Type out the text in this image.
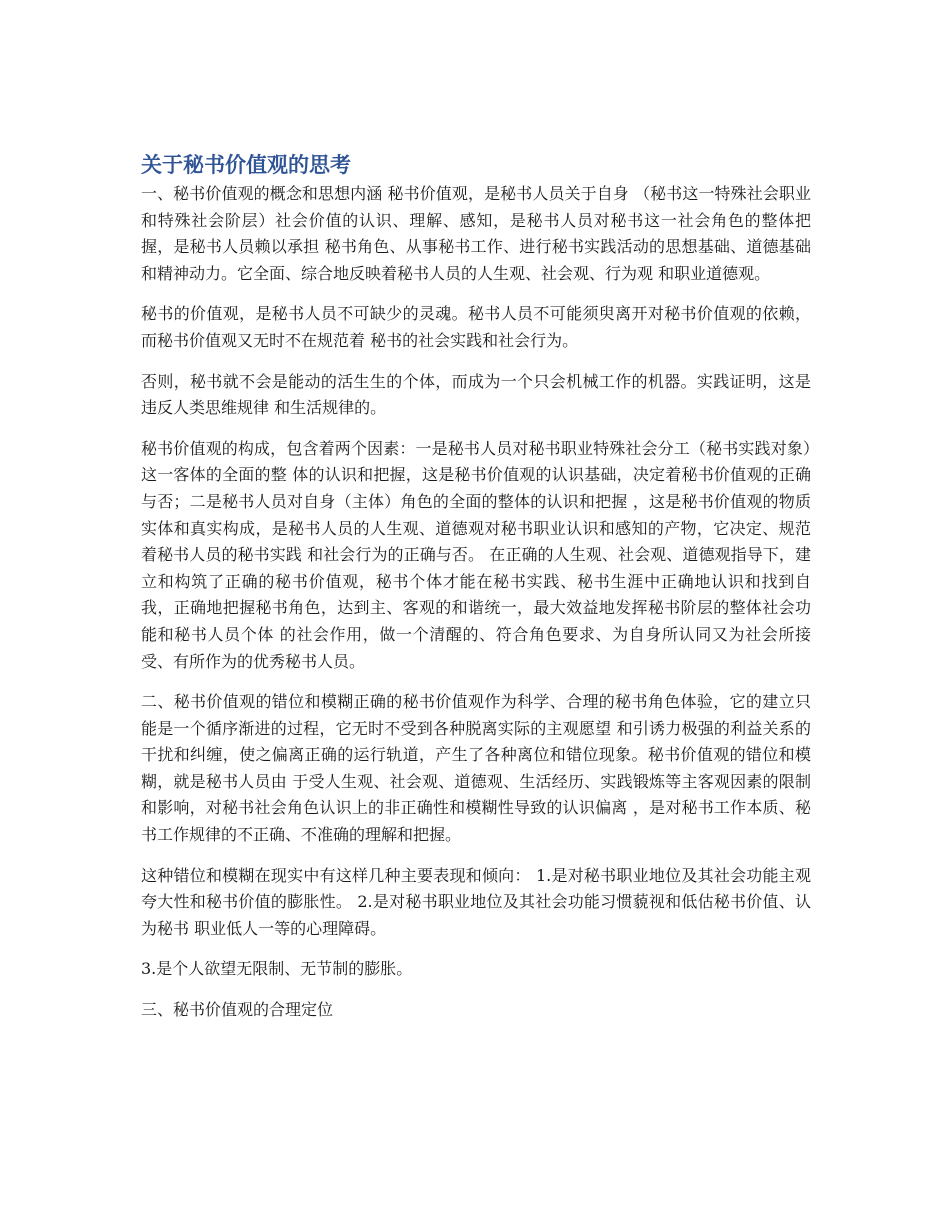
关于秘书价值观的思考

一、秘书价值观的概念和思想内涵 秘书价值观，是秘书人员关于自身 （秘书这一特殊社会职业和特殊社会阶层）社会价值的认识、理解、感知，是秘书人员对秘书这一社会角色的整体把握，是秘书人员赖以承担 秘书角色、从事秘书工作、进行秘书实践活动的思想基础、道德基础和精神动力。它全面、综合地反映着秘书人员的人生观、社会观、行为观 和职业道德观。

秘书的价值观，是秘书人员不可缺少的灵魂。秘书人员不可能须臾离开对秘书价值观的依赖，而秘书价值观又无时不在规范着 秘书的社会实践和社会行为。

否则，秘书就不会是能动的活生生的个体，而成为一个只会机械工作的机器。实践证明，这是违反人类思维规律 和生活规律的。

秘书价值观的构成，包含着两个因素：一是秘书人员对秘书职业特殊社会分工（秘书实践对象）这一客体的全面的整 体的认识和把握，这是秘书价值观的认识基础，决定着秘书价值观的正确与否；二是秘书人员对自身（主体）角色的全面的整体的认识和把握 ，这是秘书价值观的物质实体和真实构成，是秘书人员的人生观、道德观对秘书职业认识和感知的产物，它决定、规范着秘书人员的秘书实践 和社会行为的正确与否。 在正确的人生观、社会观、道德观指导下，建立和构筑了正确的秘书价值观，秘书个体才能在秘书实践、秘书生涯中正确地认识和找到自我，正确地把握秘书角色，达到主、客观的和谐统一，最大效益地发挥秘书阶层的整体社会功能和秘书人员个体 的社会作用，做一个清醒的、符合角色要求、为自身所认同又为社会所接受、有所作为的优秀秘书人员。

二、秘书价值观的错位和模糊正确的秘书价值观作为科学、合理的秘书角色体验，它的建立只能是一个循序渐进的过程，它无时不受到各种脱离实际的主观愿望 和引诱力极强的利益关系的干扰和纠缠，使之偏离正确的运行轨道，产生了各种离位和错位现象。秘书价值观的错位和模糊，就是秘书人员由 于受人生观、社会观、道德观、生活经历、实践锻炼等主客观因素的限制和影响，对秘书社会角色认识上的非正确性和模糊性导致的认识偏离 ，是对秘书工作本质、秘书工作规律的不正确、不准确的理解和把握。

这种错位和模糊在现实中有这样几种主要表现和倾向： 1.是对秘书职业地位及其社会功能主观夸大性和秘书价值的膨胀性。 2.是对秘书职业地位及其社会功能习惯藐视和低估秘书价值、认为秘书 职业低人一等的心理障碍。

3.是个人欲望无限制、无节制的膨胀。

三、秘书价值观的合理定位
